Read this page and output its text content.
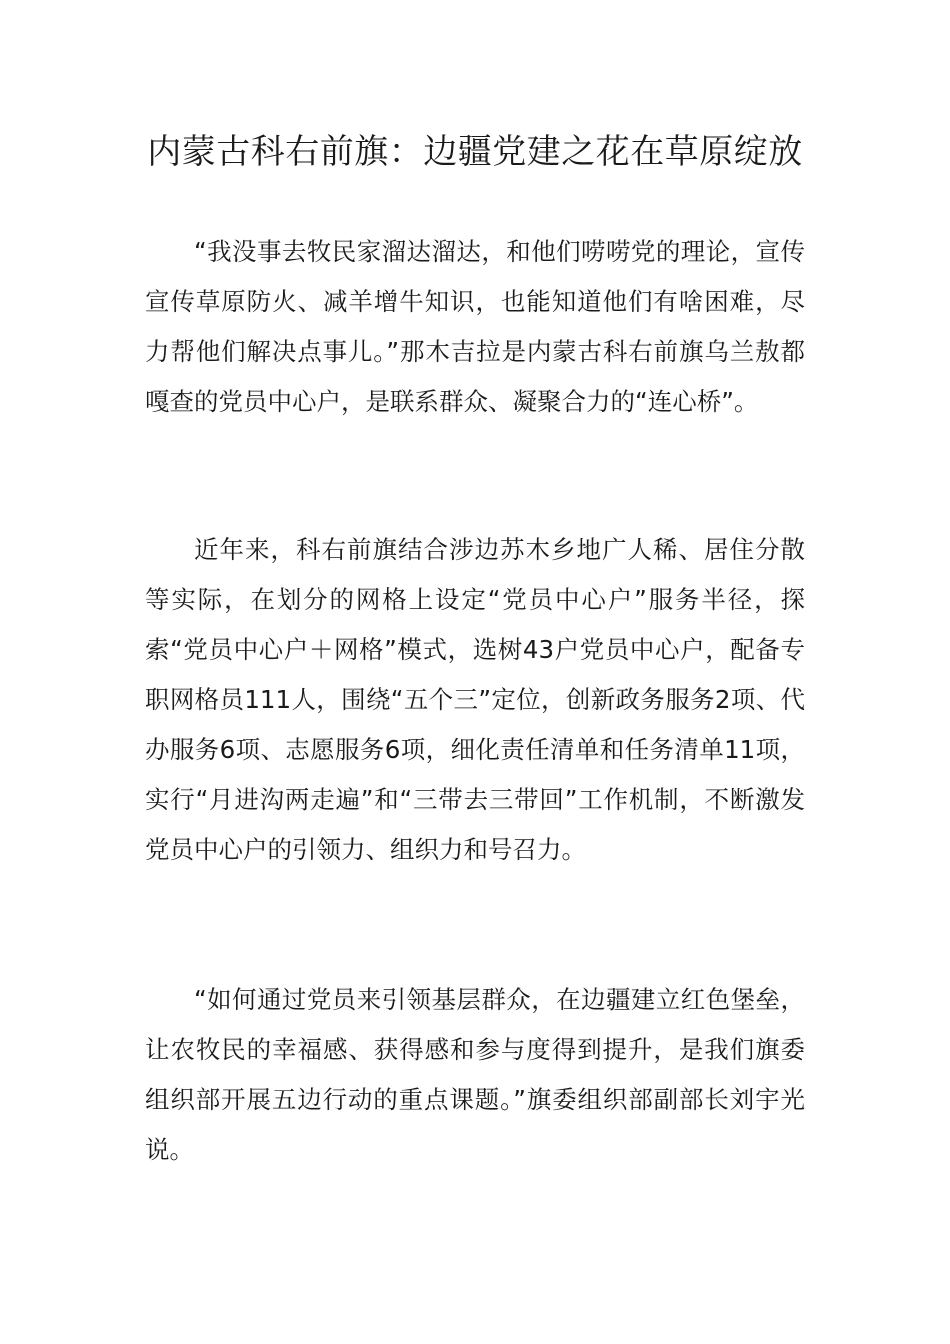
内蒙古科右前旗：边疆党建之花在草原绽放

“我没事去牧民家溜达溜达，和他们唠唠党的理论，宣传宣传草原防火、减羊增牛知识，也能知道他们有啥困难，尽力帮他们解决点事儿。”那木吉拉是内蒙古科右前旗乌兰敖都嘎查的党员中心户，是联系群众、凝聚合力的“连心桥”。

近年来，科右前旗结合涉边苏木乡地广人稀、居住分散等实际，在划分的网格上设定“党员中心户”服务半径，探索“党员中心户＋网格”模式，选树43户党员中心户，配备专职网格员111人，围绕“五个三”定位，创新政务服务2项、代办服务6项、志愿服务6项，细化责任清单和任务清单11项，实行“月进沟两走遍”和“三带去三带回”工作机制，不断激发党员中心户的引领力、组织力和号召力。

“如何通过党员来引领基层群众，在边疆建立红色堡垒，让农牧民的幸福感、获得感和参与度得到提升，是我们旗委组织部开展五边行动的重点课题。”旗委组织部副部长刘宇光说。
